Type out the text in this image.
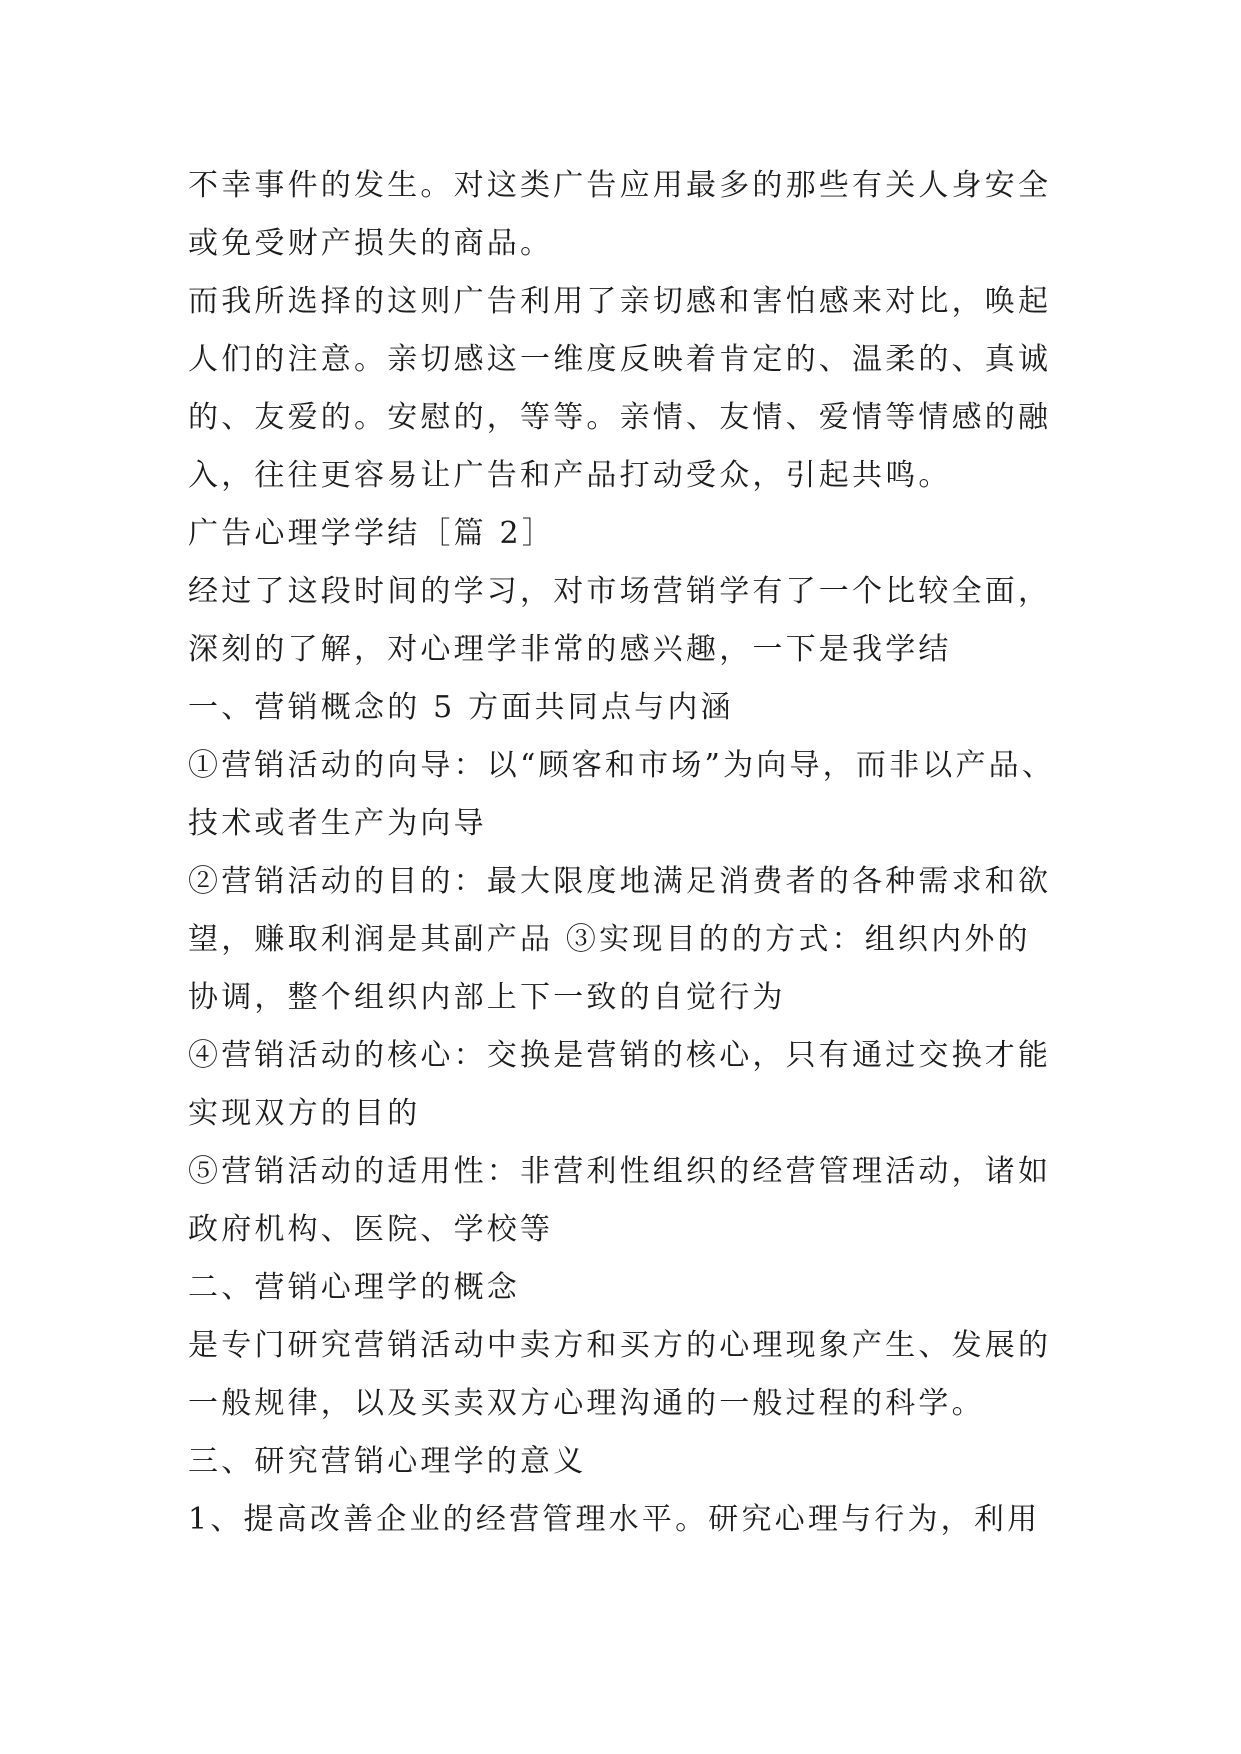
不幸事件的发生。对这类广告应用最多的那些有关人身安全

或免受财产损失的商品。

而我所选择的这则广告利用了亲切感和害怕感来对比，唤起

人们的注意。亲切感这一维度反映着肯定的、温柔的、真诚

的、友爱的。安慰的，等等。亲情、友情、爱情等情感的融

入，往往更容易让广告和产品打动受众，引起共鸣。

广告心理学学结［篇 2］

经过了这段时间的学习，对市场营销学有了一个比较全面，

深刻的了解，对心理学非常的感兴趣，一下是我学结

一、营销概念的 5 方面共同点与内涵

①营销活动的向导：以“顾客和市场”为向导，而非以产品、

技术或者生产为向导

②营销活动的目的：最大限度地满足消费者的各种需求和欲

望，赚取利润是其副产品 ③实现目的的方式：组织内外的

协调，整个组织内部上下一致的自觉行为

④营销活动的核心：交换是营销的核心，只有通过交换才能

实现双方的目的

⑤营销活动的适用性：非营利性组织的经营管理活动，诸如

政府机构、医院、学校等

二、营销心理学的概念

是专门研究营销活动中卖方和买方的心理现象产生、发展的

一般规律，以及买卖双方心理沟通的一般过程的科学。

三、研究营销心理学的意义

1、提高改善企业的经营管理水平。研究心理与行为，利用
